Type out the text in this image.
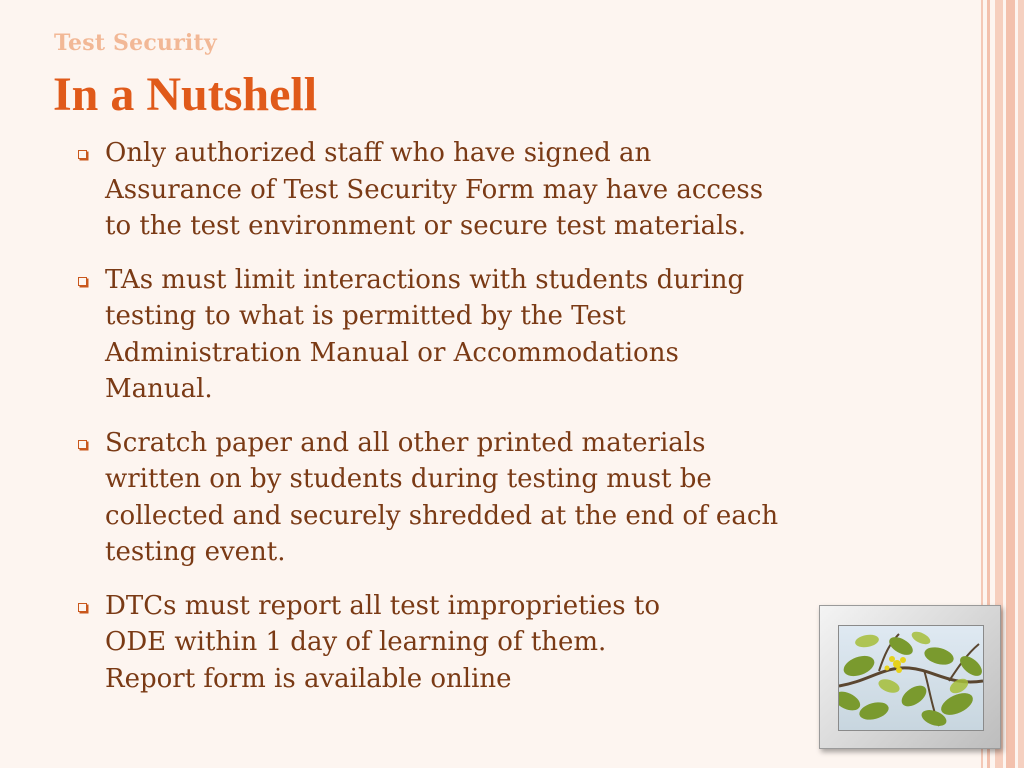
Test Security
In a Nutshell
Only authorized staff who have signed an
Assurance of Test Security Form may have access
to the test environment or secure test materials.
TAs must limit interactions with students during
testing to what is permitted by the Test
Administration Manual or Accommodations
Manual.
Scratch paper and all other printed materials
written on by students during testing must be
collected and securely shredded at the end of each
testing event.
DTCs must report all test improprieties to
ODE within 1 day of learning of them.
Report form is available online
